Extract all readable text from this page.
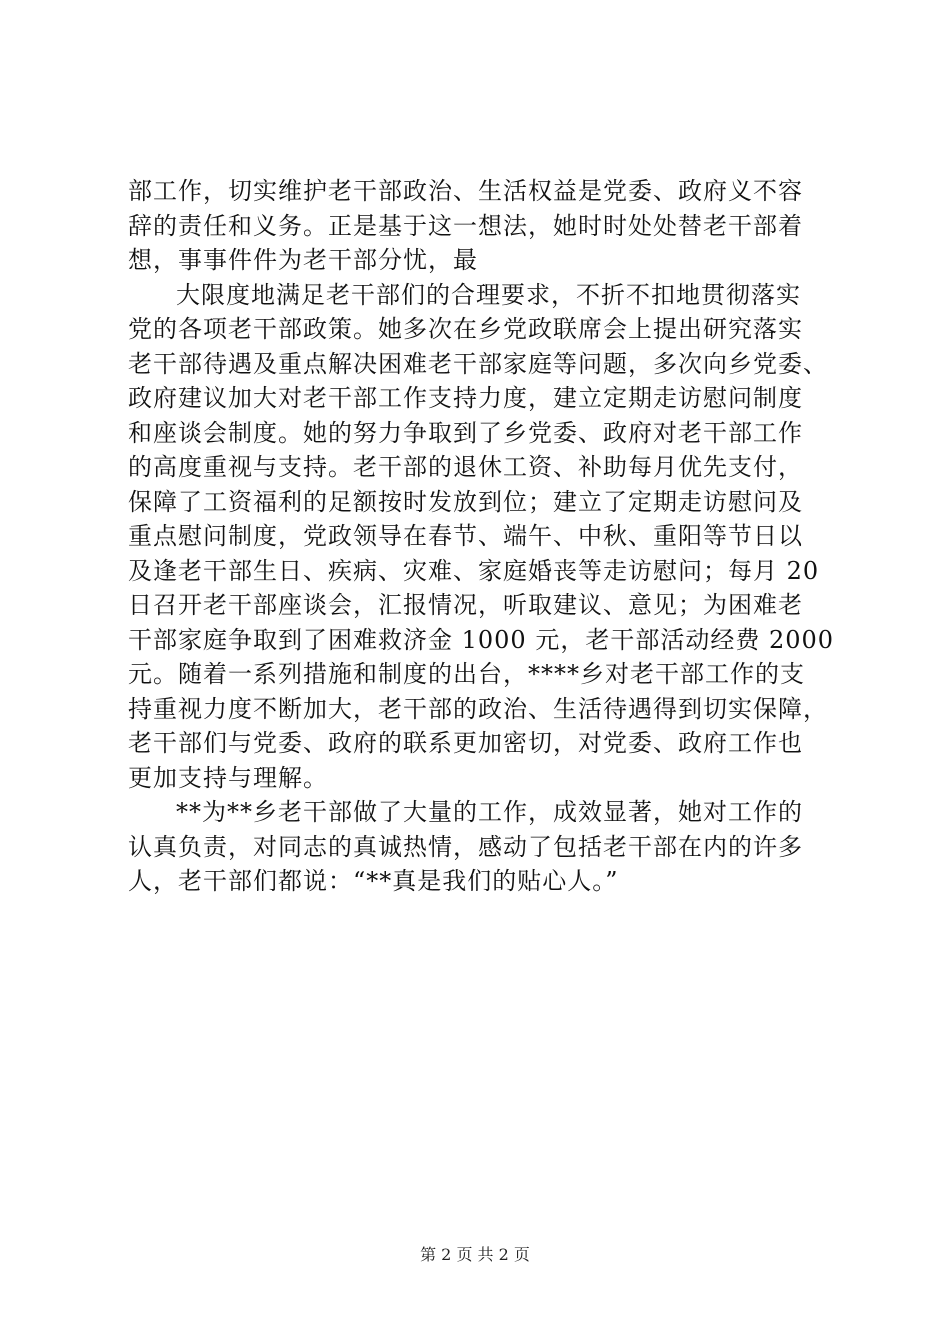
部工作，切实维护老干部政治、生活权益是党委、政府义不容
辞的责任和义务。正是基于这一想法，她时时处处替老干部着
想，事事件件为老干部分忧，最
大限度地满足老干部们的合理要求，不折不扣地贯彻落实
党的各项老干部政策。她多次在乡党政联席会上提出研究落实
老干部待遇及重点解决困难老干部家庭等问题，多次向乡党委、
政府建议加大对老干部工作支持力度，建立定期走访慰问制度
和座谈会制度。她的努力争取到了乡党委、政府对老干部工作
的高度重视与支持。老干部的退休工资、补助每月优先支付，
保障了工资福利的足额按时发放到位；建立了定期走访慰问及
重点慰问制度，党政领导在春节、端午、中秋、重阳等节日以
及逢老干部生日、疾病、灾难、家庭婚丧等走访慰问；每月 20
日召开老干部座谈会，汇报情况，听取建议、意见；为困难老
干部家庭争取到了困难救济金 1000 元，老干部活动经费 2000
元。随着一系列措施和制度的出台，****乡对老干部工作的支
持重视力度不断加大，老干部的政治、生活待遇得到切实保障，
老干部们与党委、政府的联系更加密切，对党委、政府工作也
更加支持与理解。
**为**乡老干部做了大量的工作，成效显著，她对工作的
认真负责，对同志的真诚热情，感动了包括老干部在内的许多
人，老干部们都说：“**真是我们的贴心人。”
第 2 页 共 2 页
